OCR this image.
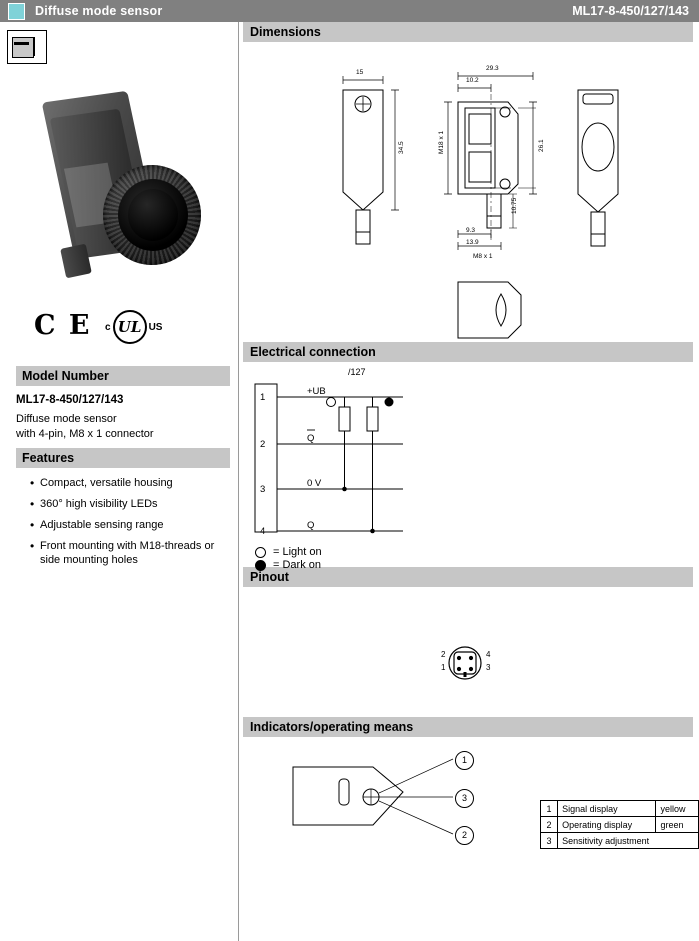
Diffuse mode sensor	ML17-8-450/127/143
C E c UL US
Model Number
ML17-8-450/127/143
Diffuse mode sensor
with 4-pin, M8 x 1 connector
Features
• Compact, versatile housing
• 360° high visibility LEDs
• Adjustable sensing range
• Front mounting with M18-threads or side mounting holes
Dimensions
15
34.5
29.3
10.2
26.1
M18 x 1
9.3
13.9
M8 x 1
10.75
Electrical connection
1
2
3
4
+UB
Q
0 V
Q
/127
= Light on
= Dark on
Pinout
2
1
4
3
Indicators/operating means
1
3
2
1	Signal display	yellow
2	Operating display	green
3	Sensitivity adjustment	
